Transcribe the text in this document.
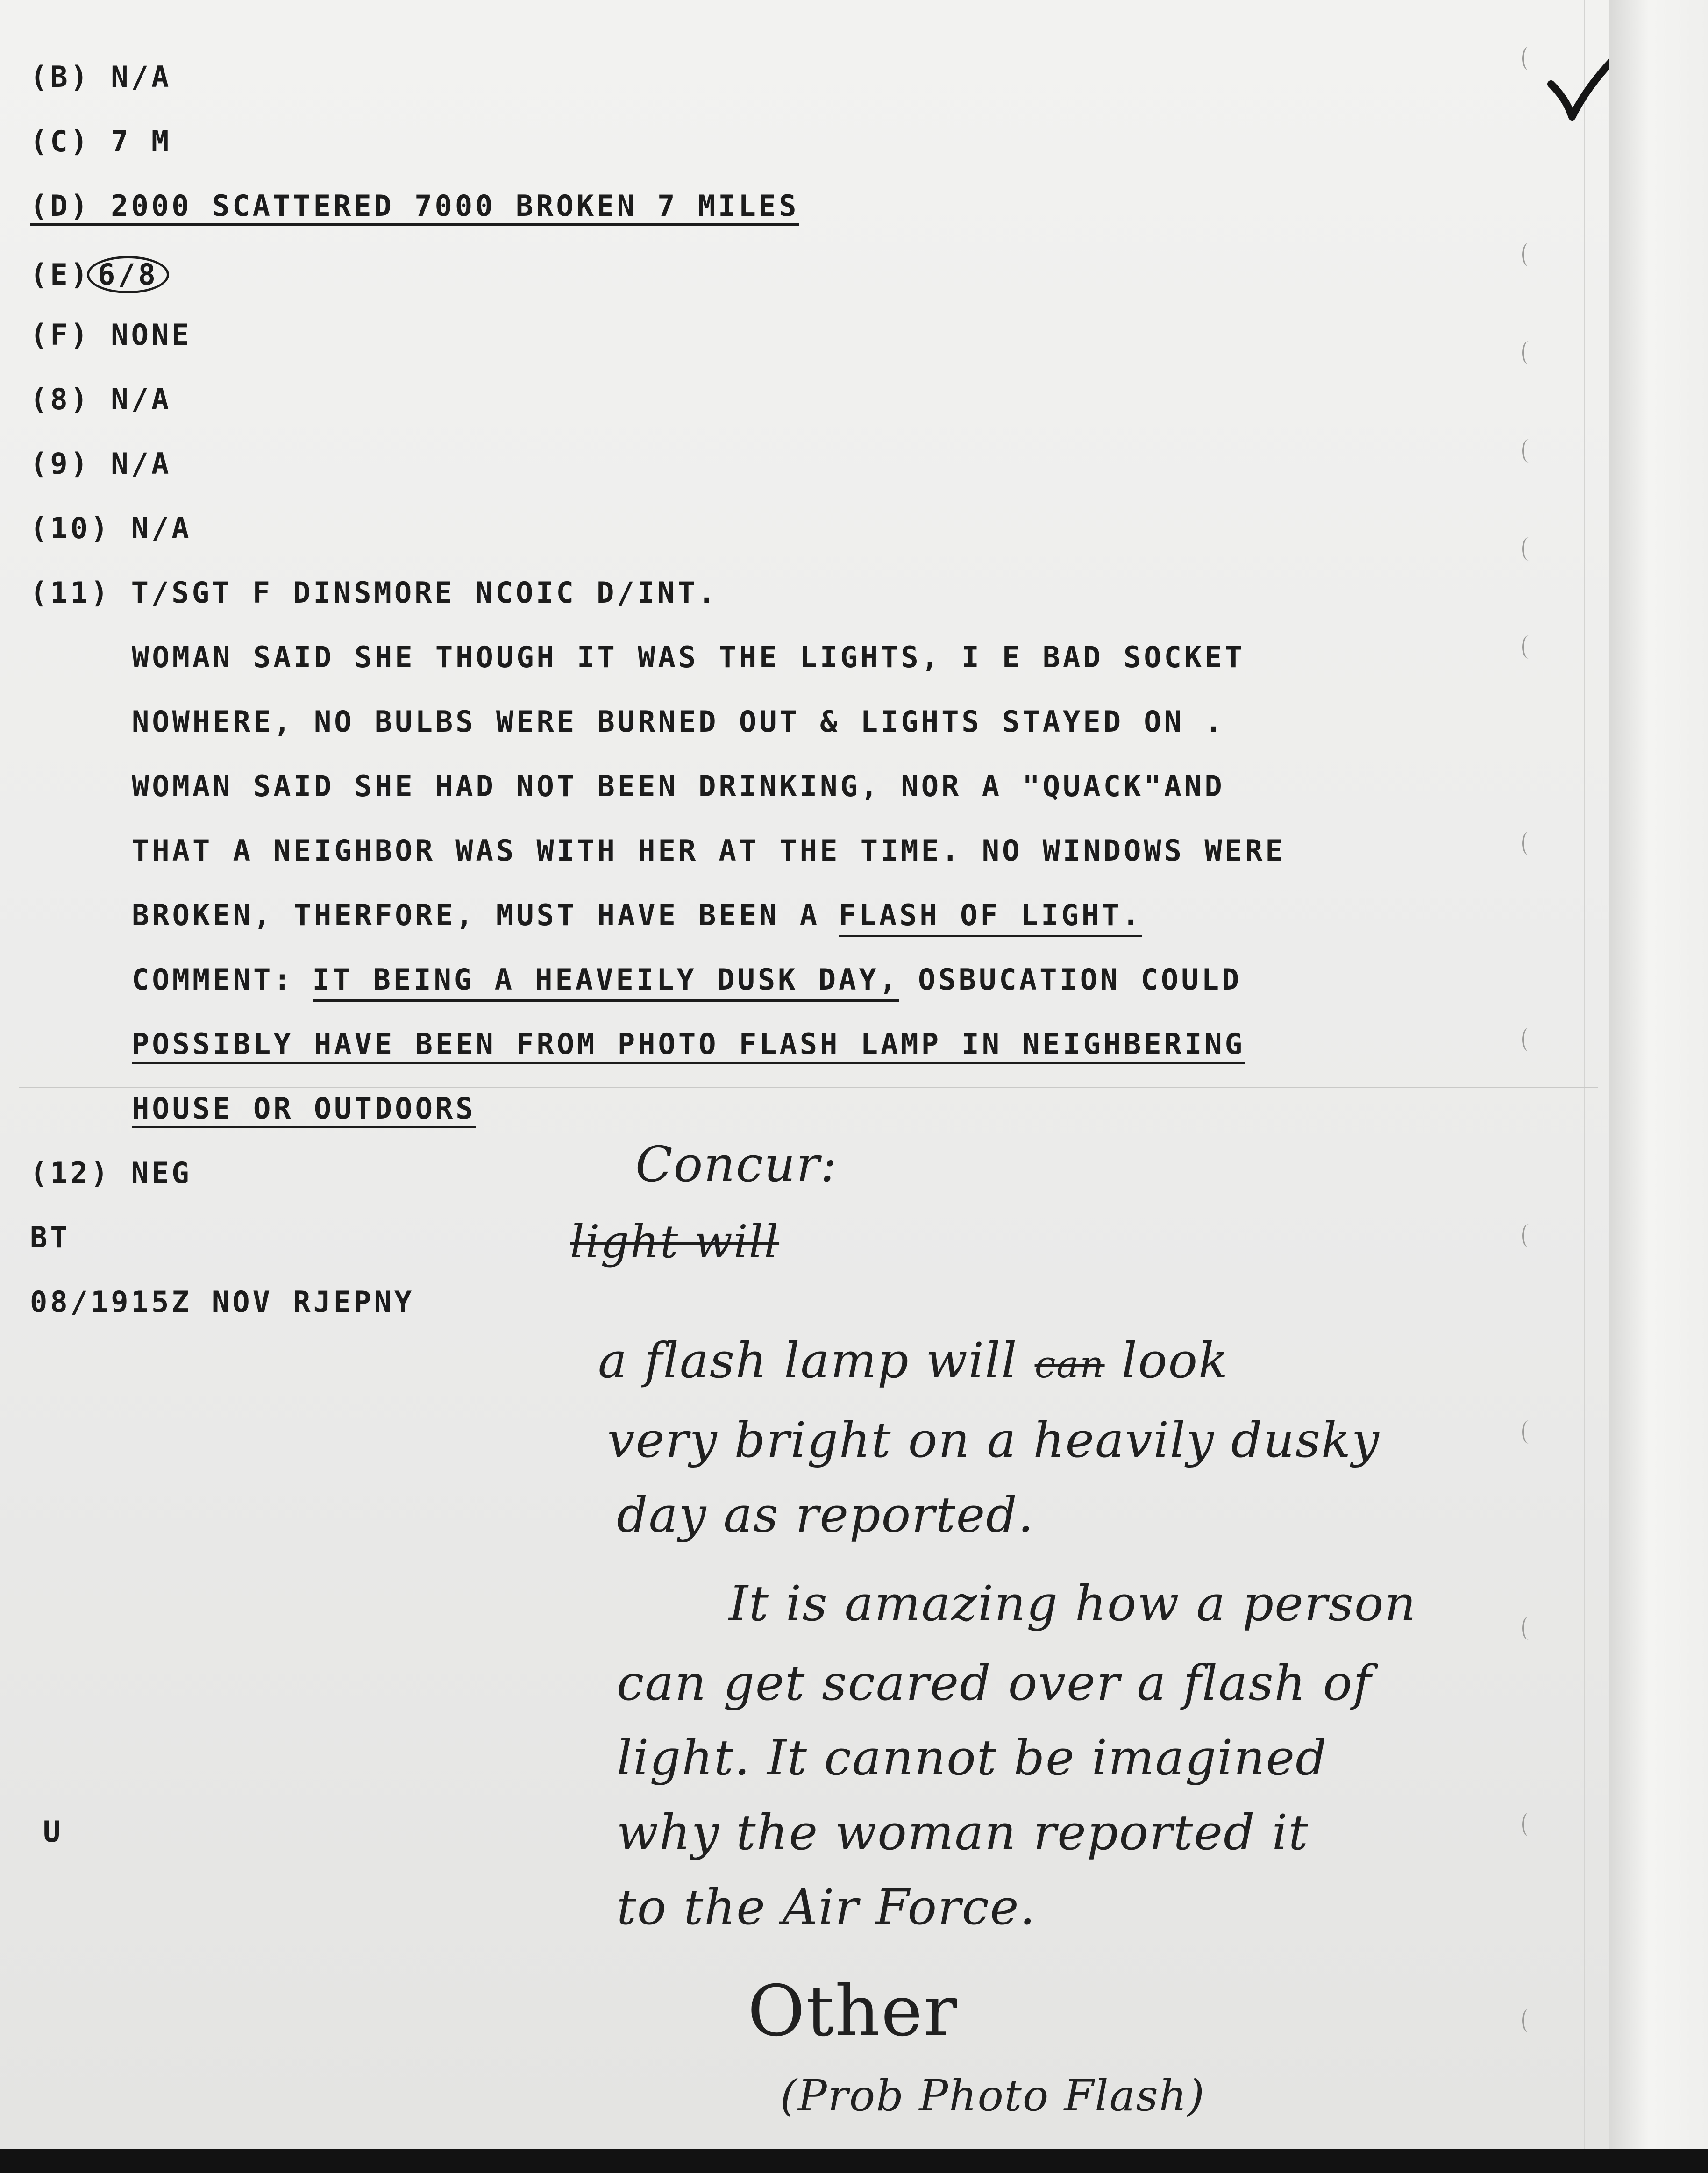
(B) N/A

(C) 7 M

(D) 2000 SCATTERED 7000 BROKEN 7 MILES

(E) 6/8

(F) NONE

(8) N/A

(9) N/A

(10) N/A

(11) T/SGT F DINSMORE NCOIC D/INT.

WOMAN SAID SHE THOUGH IT WAS THE LIGHTS, I E BAD SOCKET

NOWHERE, NO BULBS WERE BURNED OUT & LIGHTS STAYED ON .

WOMAN SAID SHE HAD NOT BEEN DRINKING, NOR A "QUACK"AND

THAT A NEIGHBOR WAS WITH HER AT THE TIME. NO WINDOWS WERE

BROKEN, THERFORE, MUST HAVE BEEN A FLASH OF LIGHT.
COMMENT: IT BEING A HEAVEILY DUSK DAY, OSBUCATION COULD

POSSIBLY HAVE BEEN FROM PHOTO FLASH LAMP IN NEIGHBERING

HOUSE OR OUTDOORS

(12) NEG

BT

08/1915Z NOV RJEPNY

U

Concur:

light will

a flash lamp will can look

very bright on a heavily dusky

day as reported.

It is amazing how a person

can get scared over a flash of

light. It cannot be imagined

why the woman reported it

to the Air Force.

Other

(Prob Photo Flash)
